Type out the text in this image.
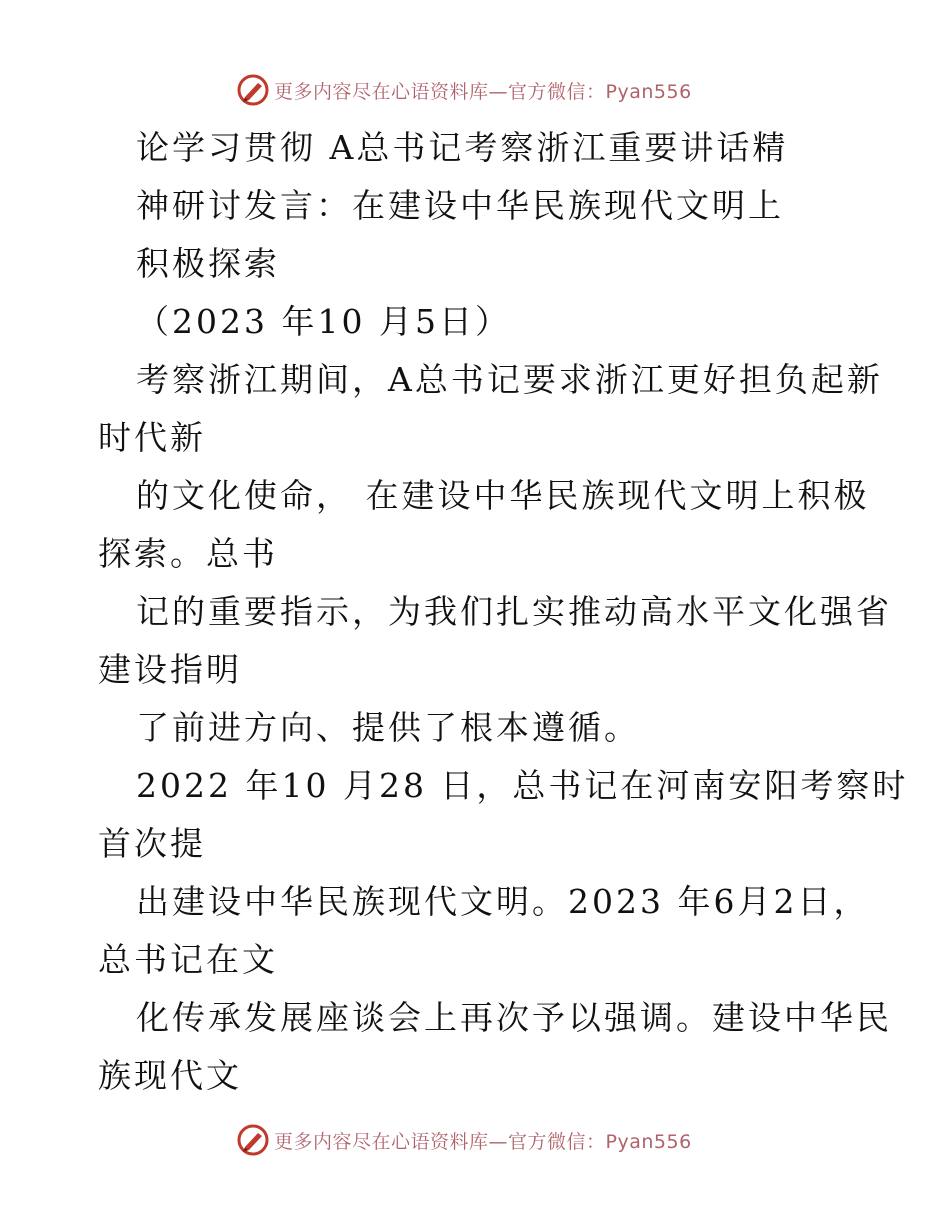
更多内容尽在心语资料库—官方微信：Pyan556
论学习贯彻 A总书记考察浙江重要讲话精
神研讨发言：在建设中华民族现代文明上
积极探索
（2023 年10 月5日）
考察浙江期间，A总书记要求浙江更好担负起新
时代新
的文化使命， 在建设中华民族现代文明上积极
探索。总书
记的重要指示，为我们扎实推动高水平文化强省
建设指明
了前进方向、提供了根本遵循。
2022 年10 月28 日，总书记在河南安阳考察时
首次提
出建设中华民族现代文明。2023 年6月2日，
总书记在文
化传承发展座谈会上再次予以强调。建设中华民
族现代文
更多内容尽在心语资料库—官方微信：Pyan556
